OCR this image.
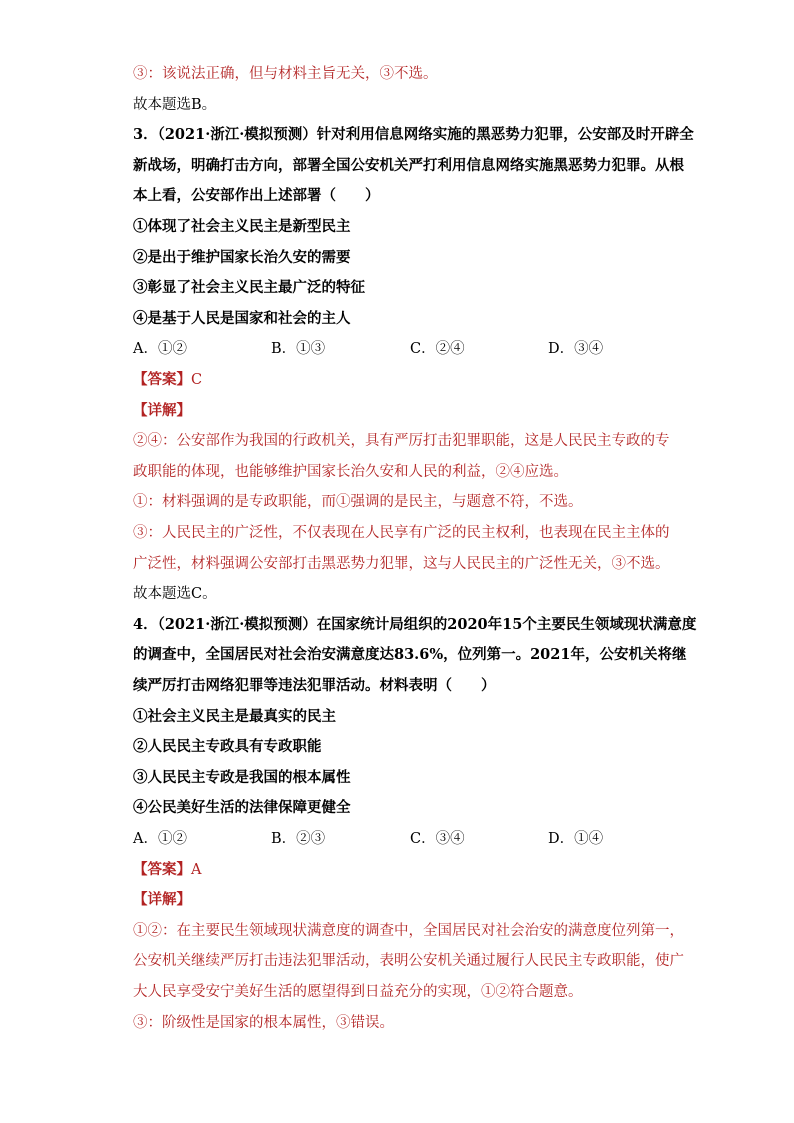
③：该说法正确，但与材料主旨无关，③不选。
故本题选B。
3．（2021·浙江·模拟预测）针对利用信息网络实施的黑恶势力犯罪，公安部及时开辟全
新战场，明确打击方向，部署全国公安机关严打利用信息网络实施黑恶势力犯罪。从根
本上看，公安部作出上述部署（　　）
①体现了社会主义民主是新型民主
②是出于维护国家长治久安的需要
③彰显了社会主义民主最广泛的特征
④是基于人民是国家和社会的主人
A．①②	B．①③	C．②④	D．③④
【答案】C
【详解】
②④：公安部作为我国的行政机关，具有严厉打击犯罪职能，这是人民民主专政的专
政职能的体现，也能够维护国家长治久安和人民的利益，②④应选。
①：材料强调的是专政职能，而①强调的是民主，与题意不符，不选。
③：人民民主的广泛性，不仅表现在人民享有广泛的民主权利，也表现在民主主体的
广泛性，材料强调公安部打击黑恶势力犯罪，这与人民民主的广泛性无关，③不选。
故本题选C。
4．（2021·浙江·模拟预测）在国家统计局组织的2020年15个主要民生领域现状满意度
的调查中，全国居民对社会治安满意度达83.6%，位列第一。2021年，公安机关将继
续严厉打击网络犯罪等违法犯罪活动。材料表明（　　）
①社会主义民主是最真实的民主
②人民民主专政具有专政职能
③人民民主专政是我国的根本属性
④公民美好生活的法律保障更健全
A．①②	B．②③	C．③④	D．①④
【答案】A
【详解】
①②：在主要民生领域现状满意度的调查中，全国居民对社会治安的满意度位列第一，
公安机关继续严厉打击违法犯罪活动，表明公安机关通过履行人民民主专政职能，使广
大人民享受安宁美好生活的愿望得到日益充分的实现，①②符合题意。
③：阶级性是国家的根本属性，③错误。
